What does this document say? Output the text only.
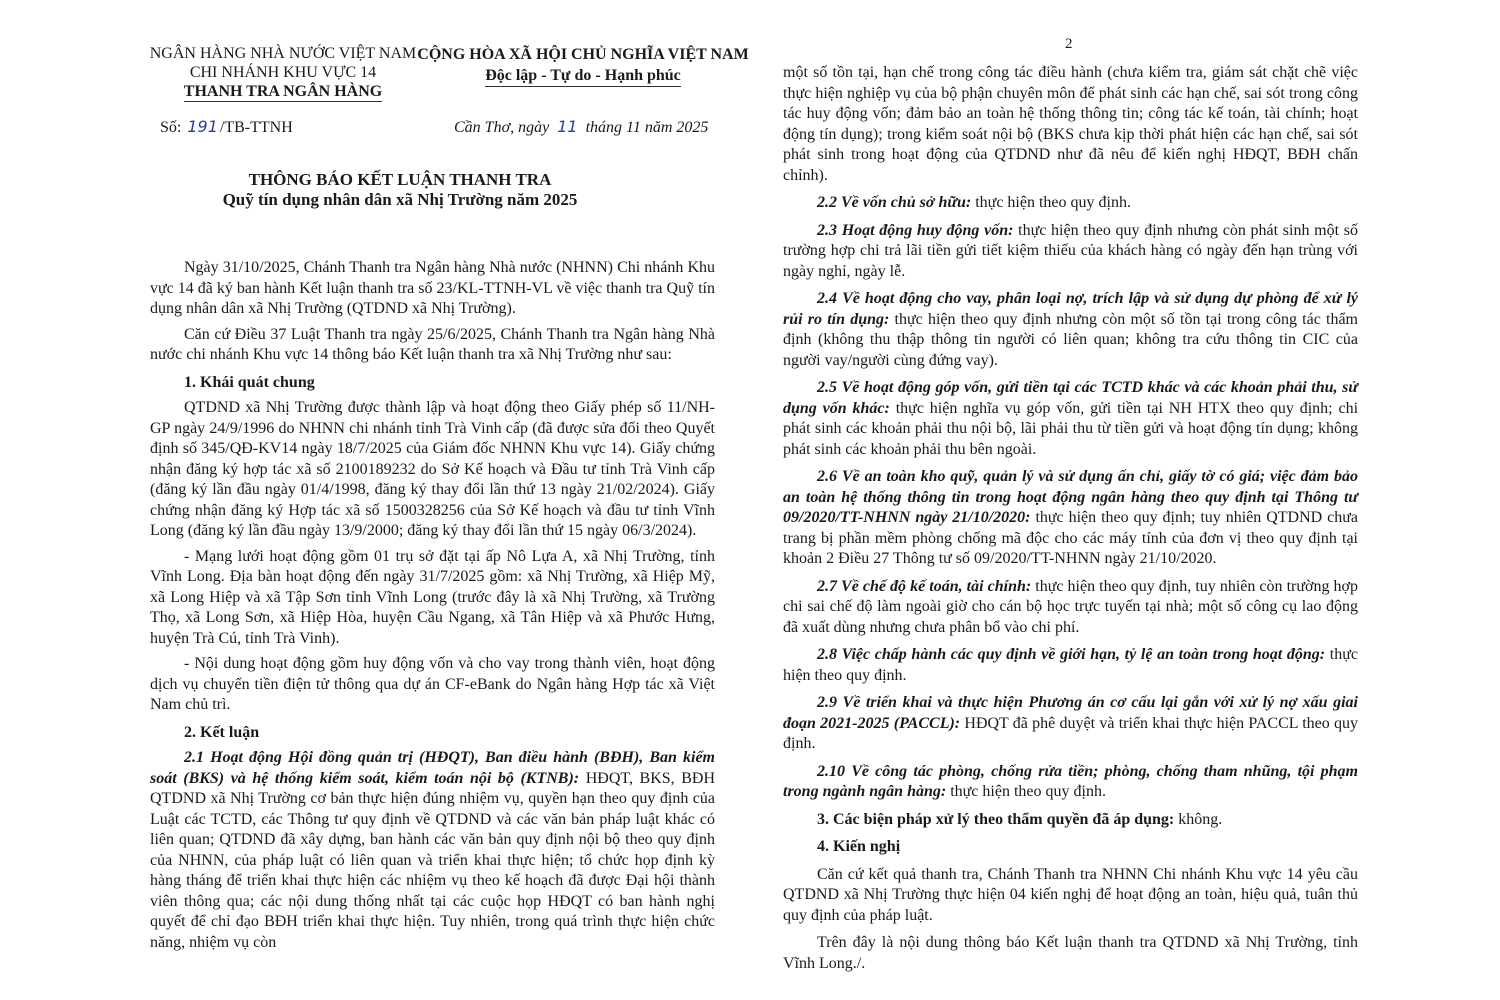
NGÂN HÀNG NHÀ NƯỚC VIỆT NAM
CHI NHÁNH KHU VỰC 14
THANH TRA NGÂN HÀNG
CỘNG HÒA XÃ HỘI CHỦ NGHĨA VIỆT NAM
Độc lập - Tự do - Hạnh phúc
Số: 191 /TB-TTNH	Cần Thơ, ngày 11 tháng 11 năm 2025
THÔNG BÁO KẾT LUẬN THANH TRA
Quỹ tín dụng nhân dân xã Nhị Trường năm 2025

Ngày 31/10/2025, Chánh Thanh tra Ngân hàng Nhà nước (NHNN) Chi nhánh Khu vực 14 đã ký ban hành Kết luận thanh tra số 23/KL-TTNH-VL về việc thanh tra Quỹ tín dụng nhân dân xã Nhị Trường (QTDND xã Nhị Trường).

Căn cứ Điều 37 Luật Thanh tra ngày 25/6/2025, Chánh Thanh tra Ngân hàng Nhà nước chi nhánh Khu vực 14 thông báo Kết luận thanh tra xã Nhị Trường như sau:

1. Khái quát chung

QTDND xã Nhị Trường được thành lập và hoạt động theo Giấy phép số 11/NH-GP ngày 24/9/1996 do NHNN chi nhánh tỉnh Trà Vinh cấp (đã được sửa đổi theo Quyết định số 345/QĐ-KV14 ngày 18/7/2025 của Giám đốc NHNN Khu vực 14). Giấy chứng nhận đăng ký hợp tác xã số 2100189232 do Sở Kế hoạch và Đầu tư tỉnh Trà Vinh cấp (đăng ký lần đầu ngày 01/4/1998, đăng ký thay đổi lần thứ 13 ngày 21/02/2024). Giấy chứng nhận đăng ký Hợp tác xã số 1500328256 của Sở Kế hoạch và đầu tư tỉnh Vĩnh Long (đăng ký lần đầu ngày 13/9/2000; đăng ký thay đổi lần thứ 15 ngày 06/3/2024).

- Mạng lưới hoạt động gồm 01 trụ sở đặt tại ấp Nô Lựa A, xã Nhị Trường, tỉnh Vĩnh Long. Địa bàn hoạt động đến ngày 31/7/2025 gồm: xã Nhị Trường, xã Hiệp Mỹ, xã Long Hiệp và xã Tập Sơn tỉnh Vĩnh Long (trước đây là xã Nhị Trường, xã Trường Thọ, xã Long Sơn, xã Hiệp Hòa, huyện Cầu Ngang, xã Tân Hiệp và xã Phước Hưng, huyện Trà Cú, tỉnh Trà Vinh).

- Nội dung hoạt động gồm huy động vốn và cho vay trong thành viên, hoạt động dịch vụ chuyển tiền điện tử thông qua dự án CF-eBank do Ngân hàng Hợp tác xã Việt Nam chủ trì.

2. Kết luận

2.1 Hoạt động Hội đồng quản trị (HĐQT), Ban điều hành (BĐH), Ban kiểm soát (BKS) và hệ thống kiểm soát, kiểm toán nội bộ (KTNB): HĐQT, BKS, BĐH QTDND xã Nhị Trường cơ bản thực hiện đúng nhiệm vụ, quyền hạn theo quy định của Luật các TCTD, các Thông tư quy định về QTDND và các văn bản pháp luật khác có liên quan; QTDND đã xây dựng, ban hành các văn bản quy định nội bộ theo quy định của NHNN, của pháp luật có liên quan và triển khai thực hiện; tổ chức họp định kỳ hàng tháng để triển khai thực hiện các nhiệm vụ theo kế hoạch đã được Đại hội thành viên thông qua; các nội dung thống nhất tại các cuộc họp HĐQT có ban hành nghị quyết để chỉ đạo BĐH triển khai thực hiện. Tuy nhiên, trong quá trình thực hiện chức năng, nhiệm vụ còn

2

một số tồn tại, hạn chế trong công tác điều hành (chưa kiểm tra, giám sát chặt chẽ việc thực hiện nghiệp vụ của bộ phận chuyên môn để phát sinh các hạn chế, sai sót trong công tác huy động vốn; đảm bảo an toàn hệ thống thông tin; công tác kế toán, tài chính; hoạt động tín dụng); trong kiểm soát nội bộ (BKS chưa kịp thời phát hiện các hạn chế, sai sót phát sinh trong hoạt động của QTDND như đã nêu để kiến nghị HĐQT, BĐH chấn chỉnh).

2.2 Về vốn chủ sở hữu: thực hiện theo quy định.

2.3 Hoạt động huy động vốn: thực hiện theo quy định nhưng còn phát sinh một số trường hợp chi trả lãi tiền gửi tiết kiệm thiếu của khách hàng có ngày đến hạn trùng với ngày nghỉ, ngày lễ.

2.4 Về hoạt động cho vay, phân loại nợ, trích lập và sử dụng dự phòng để xử lý rủi ro tín dụng: thực hiện theo quy định nhưng còn một số tồn tại trong công tác thẩm định (không thu thập thông tin người có liên quan; không tra cứu thông tin CIC của người vay/người cùng đứng vay).

2.5 Về hoạt động góp vốn, gửi tiền tại các TCTD khác và các khoản phải thu, sử dụng vốn khác: thực hiện nghĩa vụ góp vốn, gửi tiền tại NH HTX theo quy định; chi phát sinh các khoản phải thu nội bộ, lãi phải thu từ tiền gửi và hoạt động tín dụng; không phát sinh các khoản phải thu bên ngoài.

2.6 Về an toàn kho quỹ, quản lý và sử dụng ấn chỉ, giấy tờ có giá; việc đảm bảo an toàn hệ thống thông tin trong hoạt động ngân hàng theo quy định tại Thông tư 09/2020/TT-NHNN ngày 21/10/2020: thực hiện theo quy định; tuy nhiên QTDND chưa trang bị phần mềm phòng chống mã độc cho các máy tính của đơn vị theo quy định tại khoản 2 Điều 27 Thông tư số 09/2020/TT-NHNN ngày 21/10/2020.

2.7 Về chế độ kế toán, tài chính: thực hiện theo quy định, tuy nhiên còn trường hợp chi sai chế độ làm ngoài giờ cho cán bộ học trực tuyến tại nhà; một số công cụ lao động đã xuất dùng nhưng chưa phân bổ vào chi phí.

2.8 Việc chấp hành các quy định về giới hạn, tỷ lệ an toàn trong hoạt động: thực hiện theo quy định.

2.9 Về triển khai và thực hiện Phương án cơ cấu lại gắn với xử lý nợ xấu giai đoạn 2021-2025 (PACCL): HĐQT đã phê duyệt và triển khai thực hiện PACCL theo quy định.

2.10 Về công tác phòng, chống rửa tiền; phòng, chống tham nhũng, tội phạm trong ngành ngân hàng: thực hiện theo quy định.

3. Các biện pháp xử lý theo thẩm quyền đã áp dụng: không.

4. Kiến nghị

Căn cứ kết quả thanh tra, Chánh Thanh tra NHNN Chi nhánh Khu vực 14 yêu cầu QTDND xã Nhị Trường thực hiện 04 kiến nghị để hoạt động an toàn, hiệu quả, tuân thủ quy định của pháp luật.

Trên đây là nội dung thông báo Kết luận thanh tra QTDND xã Nhị Trường, tỉnh Vĩnh Long./.
